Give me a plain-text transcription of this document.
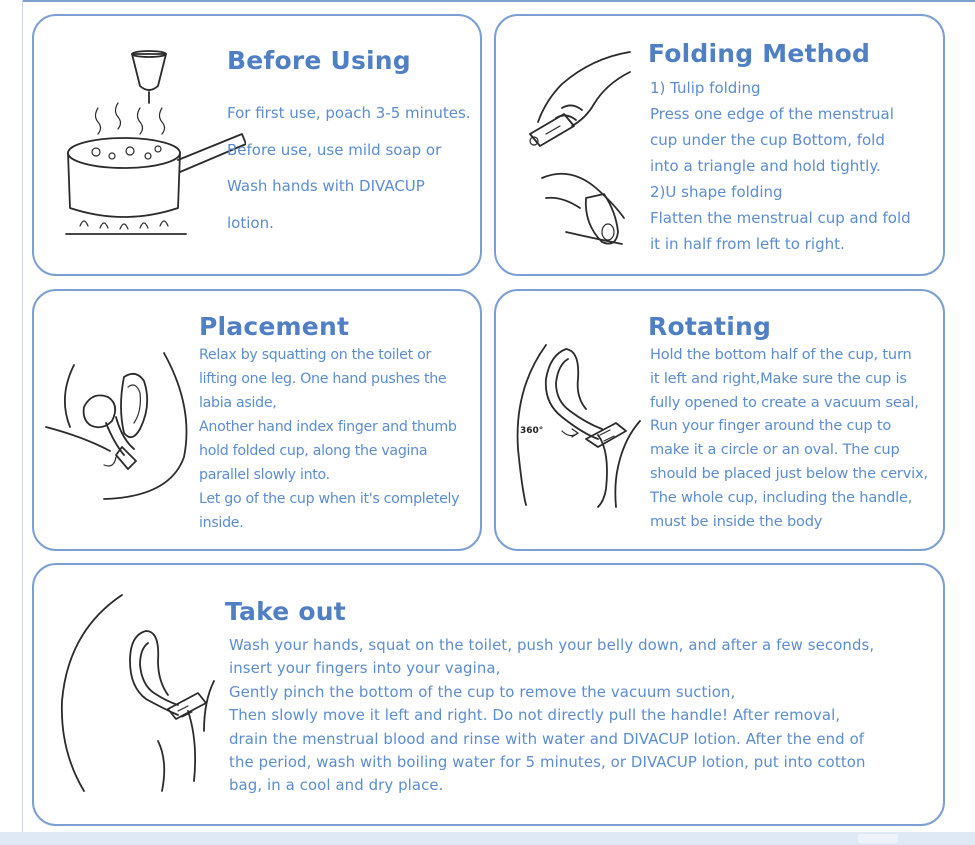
Before Using
For first use, poach 3-5 minutes.
Before use, use mild soap or
Wash hands with DIVACUP
lotion.
Folding Method
1) Tulip folding
Press one edge of the menstrual
cup under the cup Bottom, fold
into a triangle and hold tightly.
2)U shape folding
Flatten the menstrual cup and fold
it in half from left to right.
Placement
Relax by squatting on the toilet or
lifting one leg. One hand pushes the
labia aside,
Another hand index finger and thumb
hold folded cup, along the vagina
parallel slowly into.
Let go of the cup when it's completely
inside.
360°
Rotating
Hold the bottom half of the cup, turn
it left and right,Make sure the cup is
fully opened to create a vacuum seal,
Run your finger around the cup to
make it a circle or an oval. The cup
should be placed just below the cervix,
The whole cup, including the handle,
must be inside the body
Take out
Wash your hands, squat on the toilet, push your belly down, and after a few seconds,
insert your fingers into your vagina,
Gently pinch the bottom of the cup to remove the vacuum suction,
Then slowly move it left and right. Do not directly pull the handle! After removal,
drain the menstrual blood and rinse with water and DIVACUP lotion. After the end of
the period, wash with boiling water for 5 minutes, or DIVACUP lotion, put into cotton
bag, in a cool and dry place.
